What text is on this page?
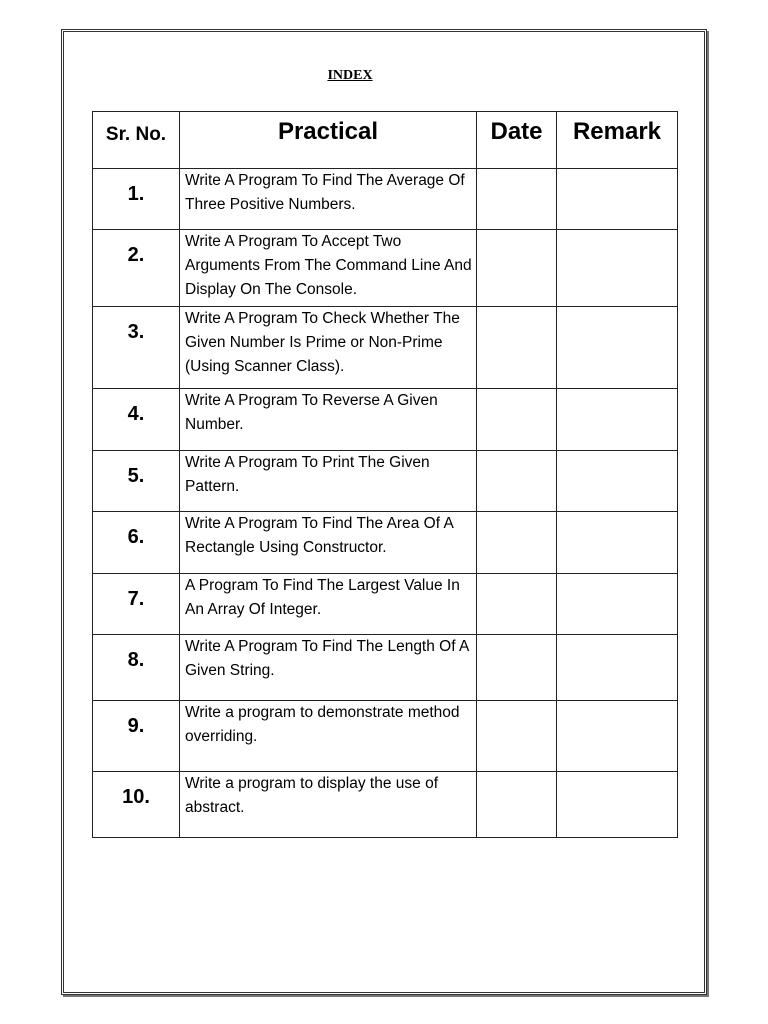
INDEX
Sr. No.	Practical	Date	Remark
1.	Write A Program To Find The Average Of Three Positive Numbers.		
2.	Write A Program To Accept Two Arguments From The Command Line And Display On The Console.		
3.	Write A Program To Check Whether The Given Number Is Prime or Non-Prime (Using Scanner Class).		
4.	Write A Program To Reverse A Given Number.		
5.	Write A Program To Print The Given Pattern.		
6.	Write A Program To Find The Area Of A Rectangle Using Constructor.		
7.	A Program To Find The Largest Value In An Array Of Integer.		
8.	Write A Program To Find The Length Of A Given String.		
9.	Write a program to demonstrate method overriding.		
10.	Write a program to display the use of abstract.		
